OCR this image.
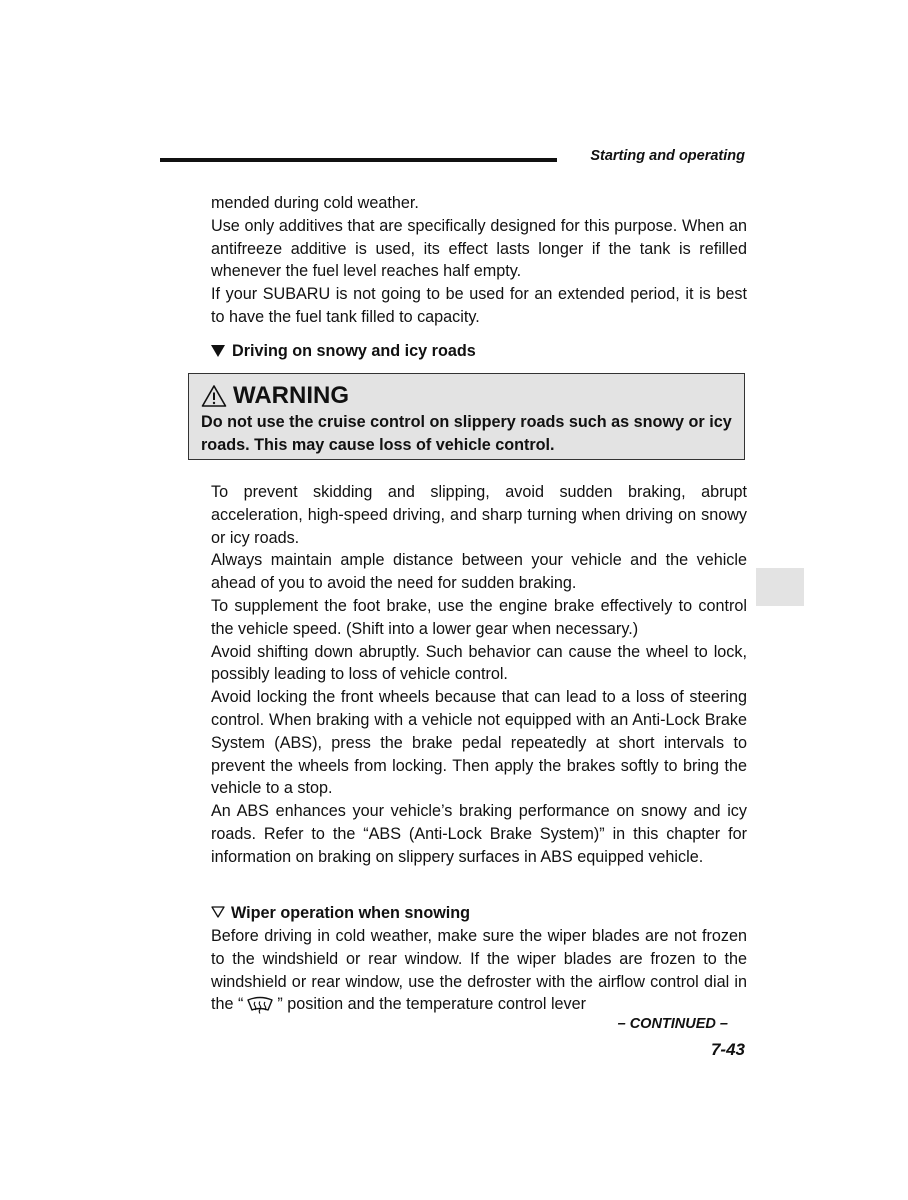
Starting and operating

mended during cold weather.

Use only additives that are specifically designed for this purpose. When an antifreeze additive is used, its effect lasts longer if the tank is refilled whenever the fuel level reaches half empty.

If your SUBARU is not going to be used for an extended period, it is best to have the fuel tank filled to capacity.

Driving on snowy and icy roads
WARNING
Do not use the cruise control on slippery roads such as snowy or icy roads. This may cause loss of vehicle control.

To prevent skidding and slipping, avoid sudden braking, abrupt acceleration, high-speed driving, and sharp turning when driving on snowy or icy roads.

Always maintain ample distance between your vehicle and the vehicle ahead of you to avoid the need for sudden braking.

To supplement the foot brake, use the engine brake effectively to control the vehicle speed. (Shift into a lower gear when necessary.)

Avoid shifting down abruptly. Such behavior can cause the wheel to lock, possibly leading to loss of vehicle control.

Avoid locking the front wheels because that can lead to a loss of steering control. When braking with a vehicle not equipped with an Anti-Lock Brake System (ABS), press the brake pedal repeatedly at short intervals to prevent the wheels from locking. Then apply the brakes softly to bring the vehicle to a stop.

An ABS enhances your vehicle’s braking performance on snowy and icy roads. Refer to the “ABS (Anti-Lock Brake System)” in this chapter for information on braking on slippery surfaces in ABS equipped vehicle.

Wiper operation when snowing

Before driving in cold weather, make sure the wiper blades are not frozen to the windshield or rear window. If the wiper blades are frozen to the windshield or rear window, use the defroster with the airflow control dial in the “ ” position and the temperature control lever

– CONTINUED –
7-43
